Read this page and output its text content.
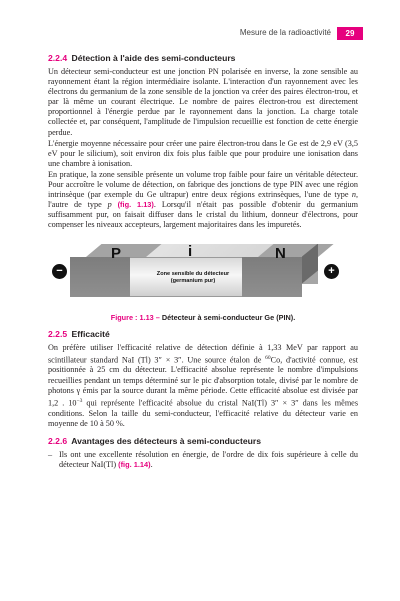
Mesure de la radioactivité	29
2.2.4 Détection à l'aide des semi-conducteurs

Un détecteur semi-conducteur est une jonction PN polarisée en inverse, la zone sensible au rayonnement étant la région intermédiaire isolante. L'interaction d'un rayonnement avec les électrons du germanium de la zone sensible de la jonction va créer des paires électron-trou, et par là même un courant électrique. Le nombre de paires électron-trou est directement proportionnel à l'énergie perdue par le rayonnement dans la jonction. La charge totale collectée et, par conséquent, l'amplitude de l'impulsion recueillie est fonction de cette énergie perdue.

L'énergie moyenne nécessaire pour créer une paire électron-trou dans le Ge est de 2,9 eV (3,5 eV pour le silicium), soit environ dix fois plus faible que pour produire une ionisation dans une chambre à ionisation.

En pratique, la zone sensible présente un volume trop faible pour faire un véritable détecteur. Pour accroître le volume de détection, on fabrique des jonctions de type PIN avec une région intrinsèque (par exemple du Ge ultrapur) entre deux régions extrinsèques, l'une de type n, l'autre de type p (fig. 1.13). Lorsqu'il n'était pas possible d'obtenir du germanium suffisamment pur, on faisait diffuser dans le cristal du lithium, donneur d'électrons, pour compenser les niveaux accepteurs, largement majoritaires dans les impuretés.

P	i	N
Zone sensible du détecteur
(germanium pur)
−	+
Figure : 1.13 – Détecteur à semi-conducteur Ge (PIN).
2.2.5 Efficacité

On préfère utiliser l'efficacité relative de détection définie à 1,33 MeV par rapport au scintillateur standard NaI (Tl) 3″ × 3″. Une source étalon de $^{60}$Co, d'activité connue, est positionnée à 25 cm du détecteur. L'efficacité absolue représente le nombre d'impulsions recueillies pendant un temps déterminé sur le pic d'absorption totale, divisé par le nombre de photons γ émis par la source durant la même période. Cette efficacité absolue est divisée par 1,2 . $10^{-3}$ qui représente l'efficacité absolue du cristal NaI(Tl) 3″ × 3″ dans les mêmes conditions. Selon la taille du semi-conducteur, l'efficacité relative du détecteur varie en moyenne de 10 à 50 %.

2.2.6 Avantages des détecteurs à semi-conducteurs
– Ils ont une excellente résolution en énergie, de l'ordre de dix fois supérieure à celle du détecteur NaI(Tl) (fig. 1.14).
